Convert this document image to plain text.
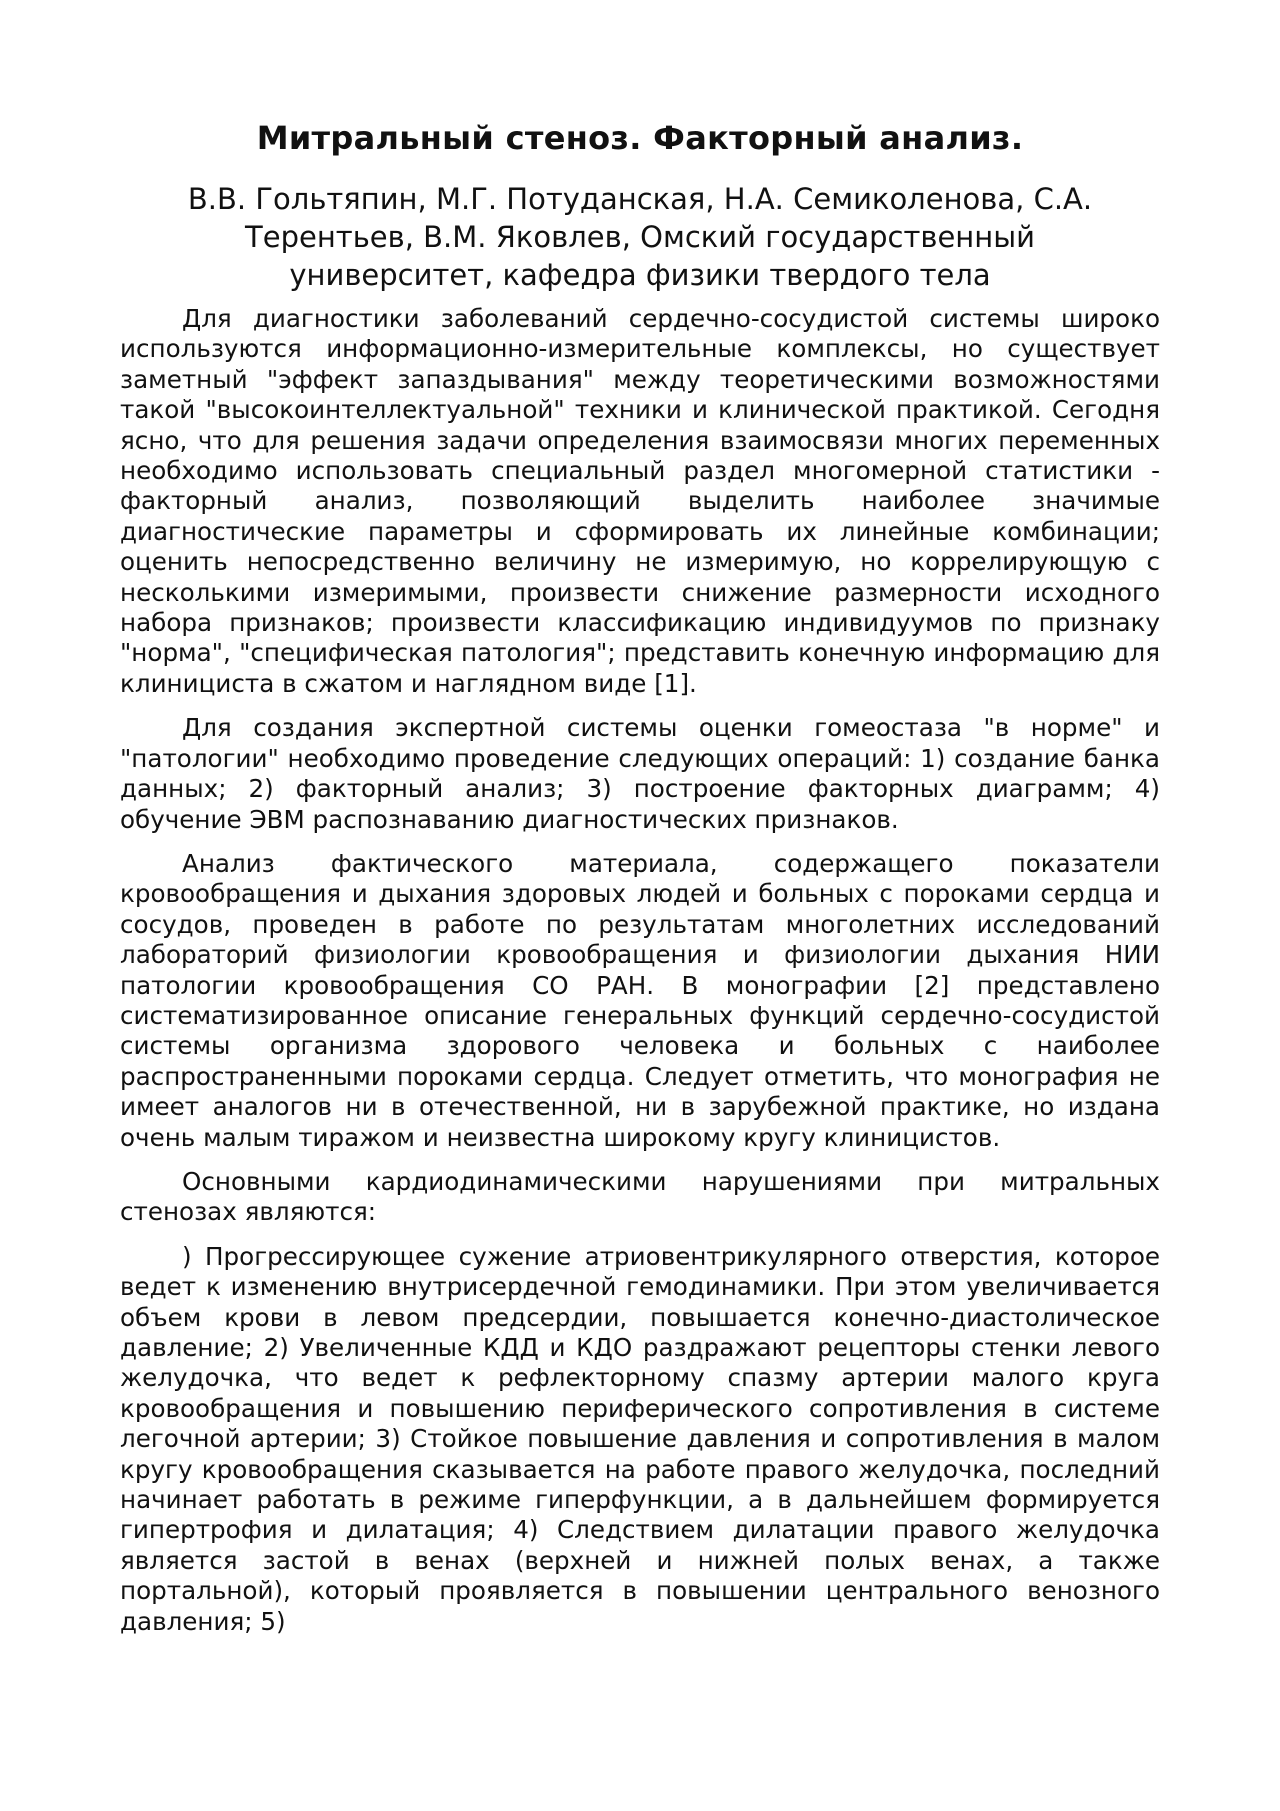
Митральный стеноз. Факторный анализ.
В.В. Гольтяпин, М.Г. Потуданская, Н.А. Семиколенова, С.А.
Терентьев, В.М. Яковлев, Омский государственный
университет, кафедра физики твердого тела

Для диагностики заболеваний сердечно-сосудистой системы широко используются информационно-измерительные комплексы, но существует заметный "эффект запаздывания" между теоретическими возможностями такой "высокоинтеллектуальной" техники и клинической практикой. Сегодня ясно, что для решения задачи определения взаимосвязи многих переменных необходимо использовать специальный раздел многомерной статистики - факторный анализ, позволяющий выделить наиболее значимые диагностические параметры и сформировать их линейные комбинации; оценить непосредственно величину не измеримую, но коррелирующую с несколькими измеримыми, произвести снижение размерности исходного набора признаков; произвести классификацию индивидуумов по признаку "норма", "специфическая патология"; представить конечную информацию для клинициста в сжатом и наглядном виде [1].

Для создания экспертной системы оценки гомеостаза "в норме" и "патологии" необходимо проведение следующих операций: 1) создание банка данных; 2) факторный анализ; 3) построение факторных диаграмм; 4) обучение ЭВМ распознаванию диагностических признаков.

Анализ фактического материала, содержащего показатели кровообращения и дыхания здоровых людей и больных с пороками сердца и сосудов, проведен в работе по результатам многолетних исследований лабораторий физиологии кровообращения и физиологии дыхания НИИ патологии кровообращения СО РАН. В монографии [2] представлено систематизированное описание генеральных функций сердечно-сосудистой системы организма здорового человека и больных с наиболее распространенными пороками сердца. Следует отметить, что монография не имеет аналогов ни в отечественной, ни в зарубежной практике, но издана очень малым тиражом и неизвестна широкому кругу клиницистов.

Основными кардиодинамическими нарушениями при митральных стенозах являются:

) Прогрессирующее сужение атриовентрикулярного отверстия, которое ведет к изменению внутрисердечной гемодинамики. При этом увеличивается объем крови в левом предсердии, повышается конечно-диастолическое давление; 2) Увеличенные КДД и КДО раздражают рецепторы стенки левого желудочка, что ведет к рефлекторному спазму артерии малого круга кровообращения и повышению периферического сопротивления в системе легочной артерии; 3) Стойкое повышение давления и сопротивления в малом кругу кровообращения сказывается на работе правого желудочка, последний начинает работать в режиме гиперфункции, а в дальнейшем формируется гипертрофия и дилатация; 4) Следствием дилатации правого желудочка является застой в венах (верхней и нижней полых венах, а также портальной), который проявляется в повышении центрального венозного давления; 5)
